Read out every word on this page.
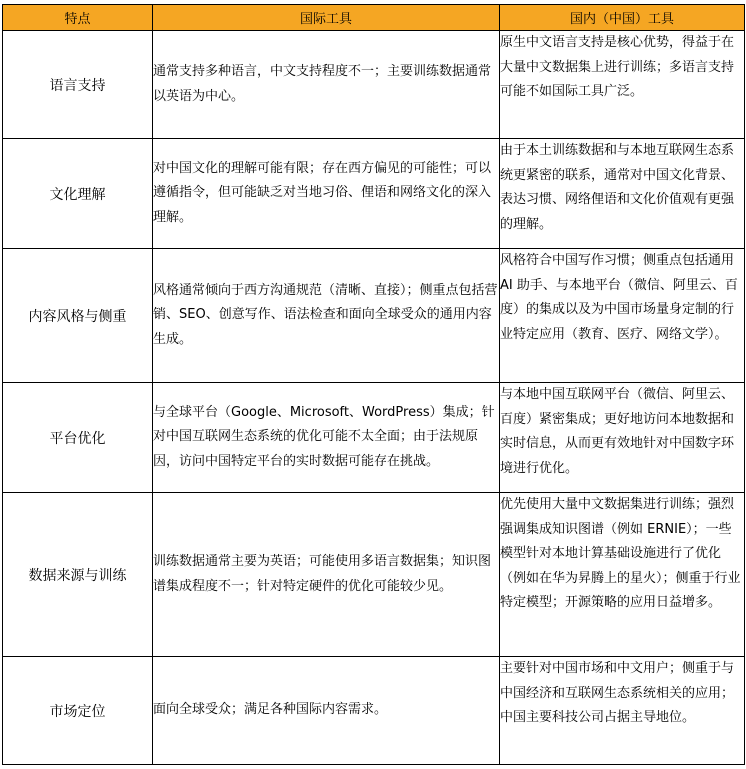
特点	国际工具	国内（中国）工具
语言支持	通常支持多种语言，中文支持程度不一；主要训练数据通常以英语为中心。	原生中文语言支持是核心优势，得益于在大量中文数据集上进行训练；多语言支持可能不如国际工具广泛。
文化理解	对中国文化的理解可能有限；存在西方偏见的可能性；可以遵循指令，但可能缺乏对当地习俗、俚语和网络文化的深入理解。	由于本土训练数据和与本地互联网生态系统更紧密的联系，通常对中国文化背景、表达习惯、网络俚语和文化价值观有更强的理解。
内容风格与侧重	风格通常倾向于西方沟通规范（清晰、直接）；侧重点包括营销、SEO、创意写作、语法检查和面向全球受众的通用内容生成。	风格符合中国写作习惯；侧重点包括通用 AI 助手、与本地平台（微信、阿里云、百度）的集成以及为中国市场量身定制的行业特定应用（教育、医疗、网络文学）。
平台优化	与全球平台（Google、Microsoft、WordPress）集成；针对中国互联网生态系统的优化可能不太全面；由于法规原因，访问中国特定平台的实时数据可能存在挑战。	与本地中国互联网平台（微信、阿里云、百度）紧密集成；更好地访问本地数据和实时信息，从而更有效地针对中国数字环境进行优化。
数据来源与训练	训练数据通常主要为英语；可能使用多语言数据集；知识图谱集成程度不一；针对特定硬件的优化可能较少见。	优先使用大量中文数据集进行训练；强烈强调集成知识图谱（例如 ERNIE）；一些模型针对本地计算基础设施进行了优化（例如在华为昇腾上的星火）；侧重于行业特定模型；开源策略的应用日益增多。
市场定位	面向全球受众；满足各种国际内容需求。	主要针对中国市场和中文用户；侧重于与中国经济和互联网生态系统相关的应用；中国主要科技公司占据主导地位。
